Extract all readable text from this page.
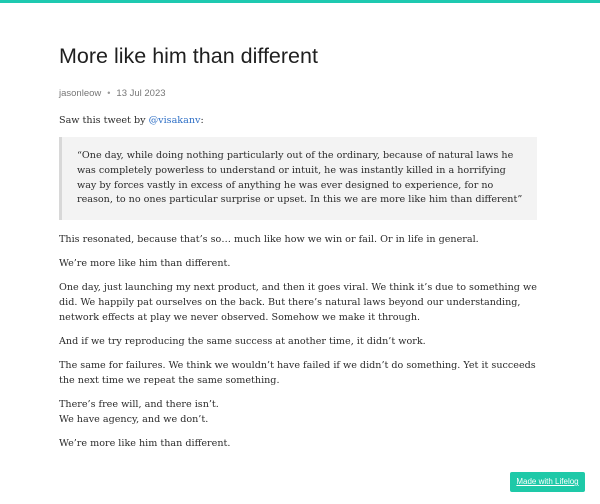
More like him than different
jasonleow • 13 Jul 2023

Saw this tweet by @visakanv:

“One day, while doing nothing particularly out of the ordinary, because of natural laws he was completely powerless to understand or intuit, he was instantly killed in a horrifying way by forces vastly in excess of anything he was ever designed to experience, for no reason, to no ones particular surprise or upset. In this we are more like him than different”

This resonated, because that’s so… much like how we win or fail. Or in life in general.

We’re more like him than different.

One day, just launching my next product, and then it goes viral. We think it’s due to something we did. We happily pat ourselves on the back. But there’s natural laws beyond our understanding, network effects at play we never observed. Somehow we make it through.

And if we try reproducing the same success at another time, it didn’t work.

The same for failures. We think we wouldn’t have failed if we didn’t do something. Yet it succeeds the next time we repeat the same something.

There’s free will, and there isn’t.
We have agency, and we don’t.

We’re more like him than different.

Made with Lifelog
